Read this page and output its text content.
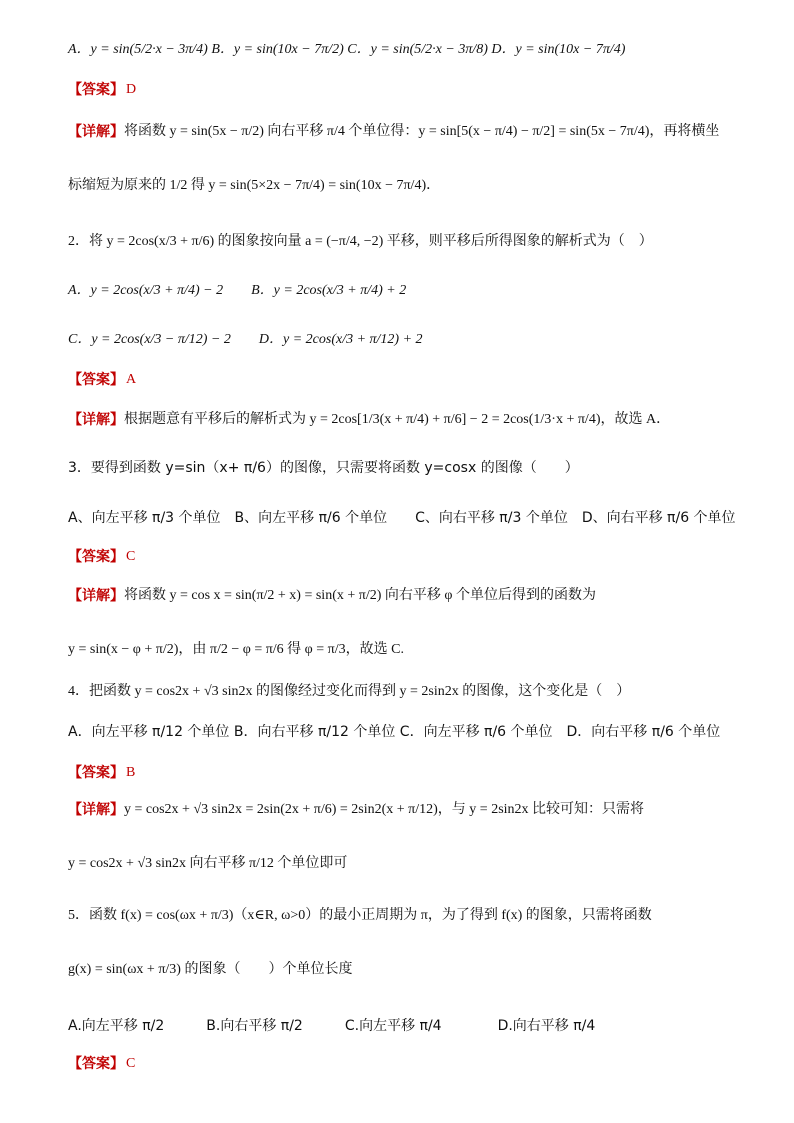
A．y = sin(5/2·x − 3π/4) B．y = sin(10x − 7π/2) C．y = sin(5/2·x − 3π/8) D．y = sin(10x − 7π/4)
【答案】 D
【详解】 将函数 y = sin(5x − π/2) 向右平移 π/4 个单位得：y = sin[5(x − π/4) − π/2] = sin(5x − 7π/4)，再将横坐
标缩短为原来的 1/2 得 y = sin(5×2x − 7π/4) = sin(10x − 7π/4)．
2．将 y = 2cos(x/3 + π/6) 的图象按向量 a = (−π/4, −2) 平移，则平移后所得图象的解析式为（　）
A．y = 2cos(x/3 + π/4) − 2　　B．y = 2cos(x/3 + π/4) + 2
C．y = 2cos(x/3 − π/12) − 2　　D．y = 2cos(x/3 + π/12) + 2
【答案】 A
【详解】 根据题意有平移后的解析式为 y = 2cos[1/3(x + π/4) + π/6] − 2 = 2cos(1/3·x + π/4)，故选 A．
3．要得到函数 y=sin（x+ π/6）的图像，只需要将函数 y=cosx 的图像（　　）
A、向左平移 π/3 个单位　B、向左平移 π/6 个单位　　C、向右平移 π/3 个单位　D、向右平移 π/6 个单位
【答案】 C
【详解】 将函数 y = cos x = sin(π/2 + x) = sin(x + π/2) 向右平移 φ 个单位后得到的函数为
y = sin(x − φ + π/2)，由 π/2 − φ = π/6 得 φ = π/3，故选 C.
4．把函数 y = cos2x + √3 sin2x 的图像经过变化而得到 y = 2sin2x 的图像，这个变化是（　）
A．向左平移 π/12 个单位 B．向右平移 π/12 个单位 C．向左平移 π/6 个单位　D．向右平移 π/6 个单位
【答案】 B
【详解】 y = cos2x + √3 sin2x = 2sin(2x + π/6) = 2sin2(x + π/12)，与 y = 2sin2x 比较可知：只需将
y = cos2x + √3 sin2x 向右平移 π/12 个单位即可
5．函数 f(x) = cos(ωx + π/3)（x∈R, ω>0）的最小正周期为 π，为了得到 f(x) 的图象，只需将函数
g(x) = sin(ωx + π/3) 的图象（　　）个单位长度
A.向左平移 π/2　　　B.向右平移 π/2　　　C.向左平移 π/4　　　　D.向右平移 π/4
【答案】 C
